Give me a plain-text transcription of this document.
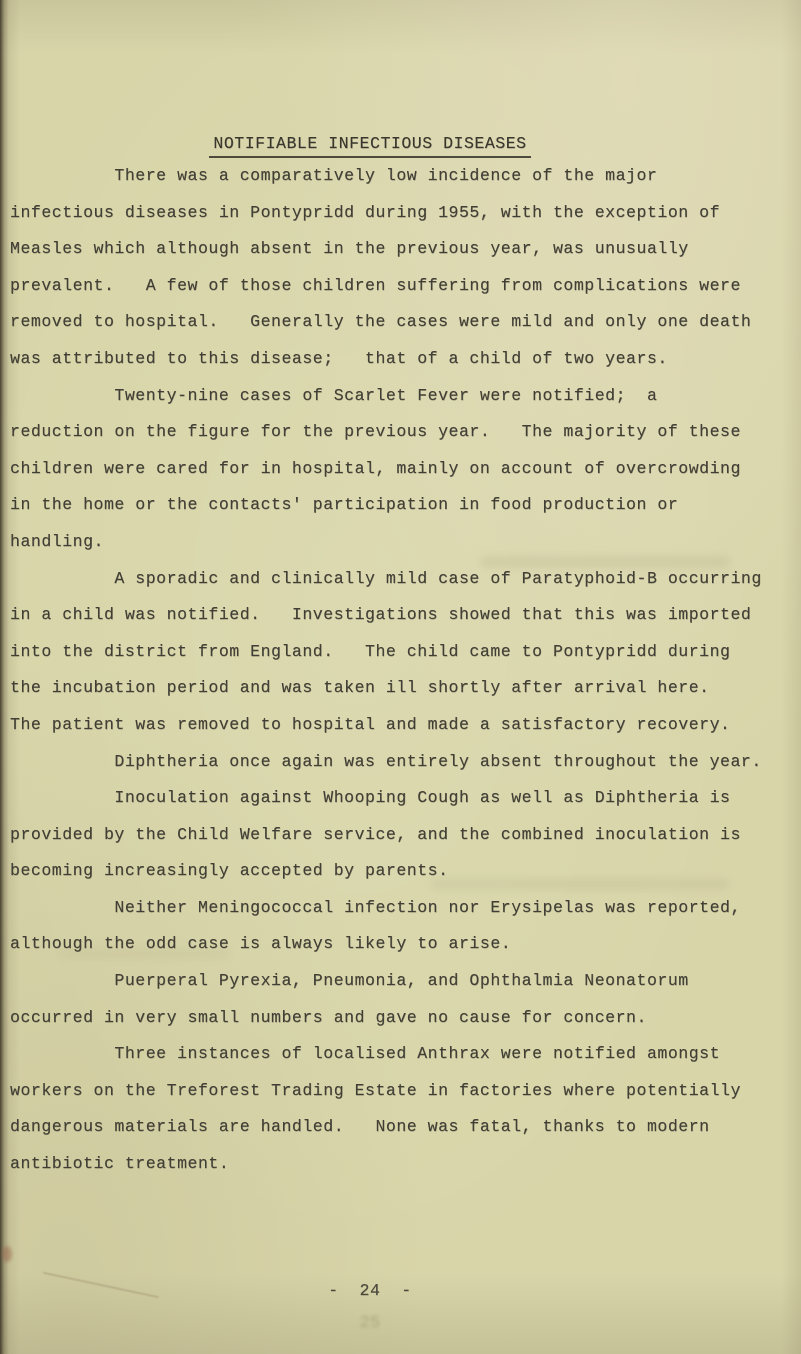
NOTIFIABLE INFECTIOUS DISEASES
There was a comparatively low incidence of the major
infectious diseases in Pontypridd during 1955, with the exception of
Measles which although absent in the previous year, was unusually
prevalent.   A few of those children suffering from complications were
removed to hospital.   Generally the cases were mild and only one death
was attributed to this disease;   that of a child of two years.
Twenty-nine cases of Scarlet Fever were notified;  a
reduction on the figure for the previous year.   The majority of these
children were cared for in hospital, mainly on account of overcrowding
in the home or the contacts' participation in food production or
handling.
A sporadic and clinically mild case of Paratyphoid-B occurring
in a child was notified.   Investigations showed that this was imported
into the district from England.   The child came to Pontypridd during
the incubation period and was taken ill shortly after arrival here.
The patient was removed to hospital and made a satisfactory recovery.
Diphtheria once again was entirely absent throughout the year.
Inoculation against Whooping Cough as well as Diphtheria is
provided by the Child Welfare service, and the combined inoculation is
becoming increasingly accepted by parents.
Neither Meningococcal infection nor Erysipelas was reported,
although the odd case is always likely to arise.
Puerperal Pyrexia, Pneumonia, and Ophthalmia Neonatorum
occurred in very small numbers and gave no cause for concern.
Three instances of localised Anthrax were notified amongst
workers on the Treforest Trading Estate in factories where potentially
dangerous materials are handled.   None was fatal, thanks to modern
antibiotic treatment.
-  24  -
25
